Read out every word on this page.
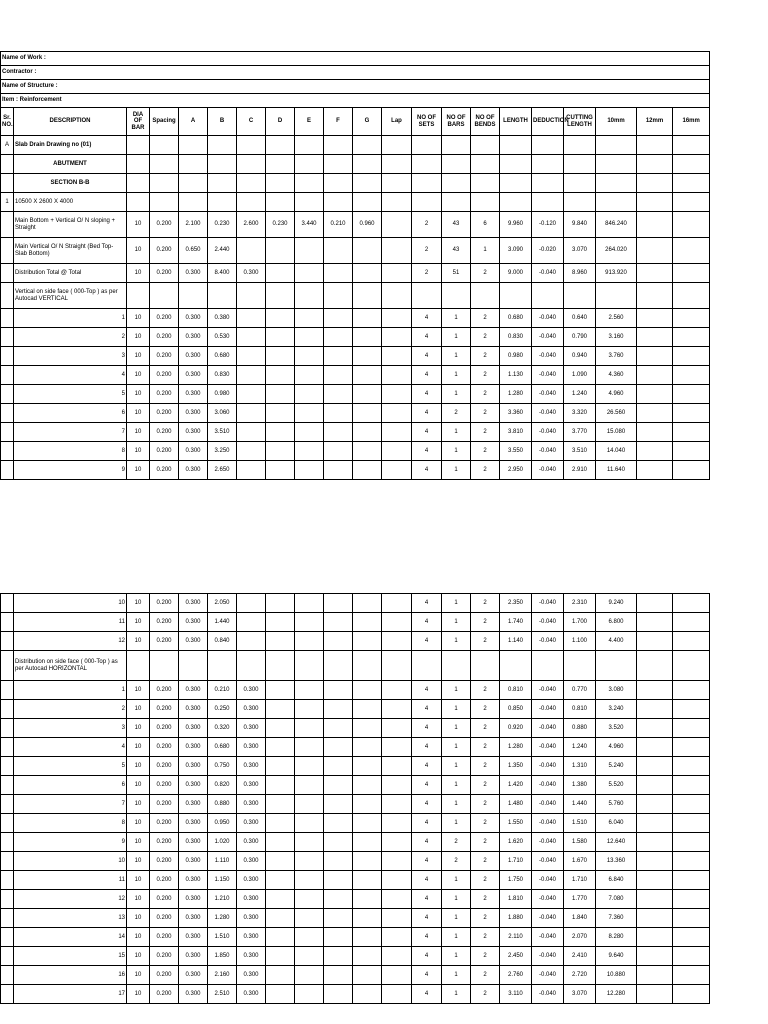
Name of Work :																				
Contractor :																				
Name of Structure :																				
Item : Reinforcement																				
Sr. NO.	DESCRIPTION	DIA OF BAR	Spacing	A	B	C	D	E	F	G	Lap	NO OF SETS	NO OF BARS	NO OF BENDS	LENGTH	DEDUCTION	CUTTING LENGTH	10mm	12mm	16mm
A	Slab Drain Drawing no (01)																			
	ABUTMENT																			
	SECTION B-B																			
1	10500 X 2600 X 4000																			
	Main Bottom + Vertical O/ N sloping + Straight	10	0.200	2.100	0.230	2.600	0.230	3.440	0.210	0.960		2	43	6	9.960	-0.120	9.840	846.240		
	Main Vertical O/ N Straight (Bed Top- Slab Bottom)	10	0.200	0.650	2.440							2	43	1	3.090	-0.020	3.070	264.020		
	Distribution Total @ Total	10	0.200	0.300	8.400	0.300						2	51	2	9.000	-0.040	8.960	913.920		
	Vertical on side face ( 000-Top ) as per Autocad VERTICAL																			
	1	10	0.200	0.300	0.380							4	1	2	0.680	-0.040	0.640	2.560		
	2	10	0.200	0.300	0.530							4	1	2	0.830	-0.040	0.790	3.160		
	3	10	0.200	0.300	0.680							4	1	2	0.980	-0.040	0.940	3.760		
	4	10	0.200	0.300	0.830							4	1	2	1.130	-0.040	1.090	4.360		
	5	10	0.200	0.300	0.980							4	1	2	1.280	-0.040	1.240	4.960		
	6	10	0.200	0.300	3.060							4	2	2	3.360	-0.040	3.320	26.560		
	7	10	0.200	0.300	3.510							4	1	2	3.810	-0.040	3.770	15.080		
	8	10	0.200	0.300	3.250							4	1	2	3.550	-0.040	3.510	14.040		
	9	10	0.200	0.300	2.650							4	1	2	2.950	-0.040	2.910	11.640		
	10	10	0.200	0.300	2.050							4	1	2	2.350	-0.040	2.310	9.240		
	11	10	0.200	0.300	1.440							4	1	2	1.740	-0.040	1.700	6.800		
	12	10	0.200	0.300	0.840							4	1	2	1.140	-0.040	1.100	4.400		
	Distribution on side face ( 000-Top ) as per Autocad HORIZONTAL																			
	1	10	0.200	0.300	0.210	0.300						4	1	2	0.810	-0.040	0.770	3.080		
	2	10	0.200	0.300	0.250	0.300						4	1	2	0.850	-0.040	0.810	3.240		
	3	10	0.200	0.300	0.320	0.300						4	1	2	0.920	-0.040	0.880	3.520		
	4	10	0.200	0.300	0.680	0.300						4	1	2	1.280	-0.040	1.240	4.960		
	5	10	0.200	0.300	0.750	0.300						4	1	2	1.350	-0.040	1.310	5.240		
	6	10	0.200	0.300	0.820	0.300						4	1	2	1.420	-0.040	1.380	5.520		
	7	10	0.200	0.300	0.880	0.300						4	1	2	1.480	-0.040	1.440	5.760		
	8	10	0.200	0.300	0.950	0.300						4	1	2	1.550	-0.040	1.510	6.040		
	9	10	0.200	0.300	1.020	0.300						4	2	2	1.620	-0.040	1.580	12.640		
	10	10	0.200	0.300	1.110	0.300						4	2	2	1.710	-0.040	1.670	13.360		
	11	10	0.200	0.300	1.150	0.300						4	1	2	1.750	-0.040	1.710	6.840		
	12	10	0.200	0.300	1.210	0.300						4	1	2	1.810	-0.040	1.770	7.080		
	13	10	0.200	0.300	1.280	0.300						4	1	2	1.880	-0.040	1.840	7.360		
	14	10	0.200	0.300	1.510	0.300						4	1	2	2.110	-0.040	2.070	8.280		
	15	10	0.200	0.300	1.850	0.300						4	1	2	2.450	-0.040	2.410	9.640		
	16	10	0.200	0.300	2.160	0.300						4	1	2	2.760	-0.040	2.720	10.880		
	17	10	0.200	0.300	2.510	0.300						4	1	2	3.110	-0.040	3.070	12.280		
